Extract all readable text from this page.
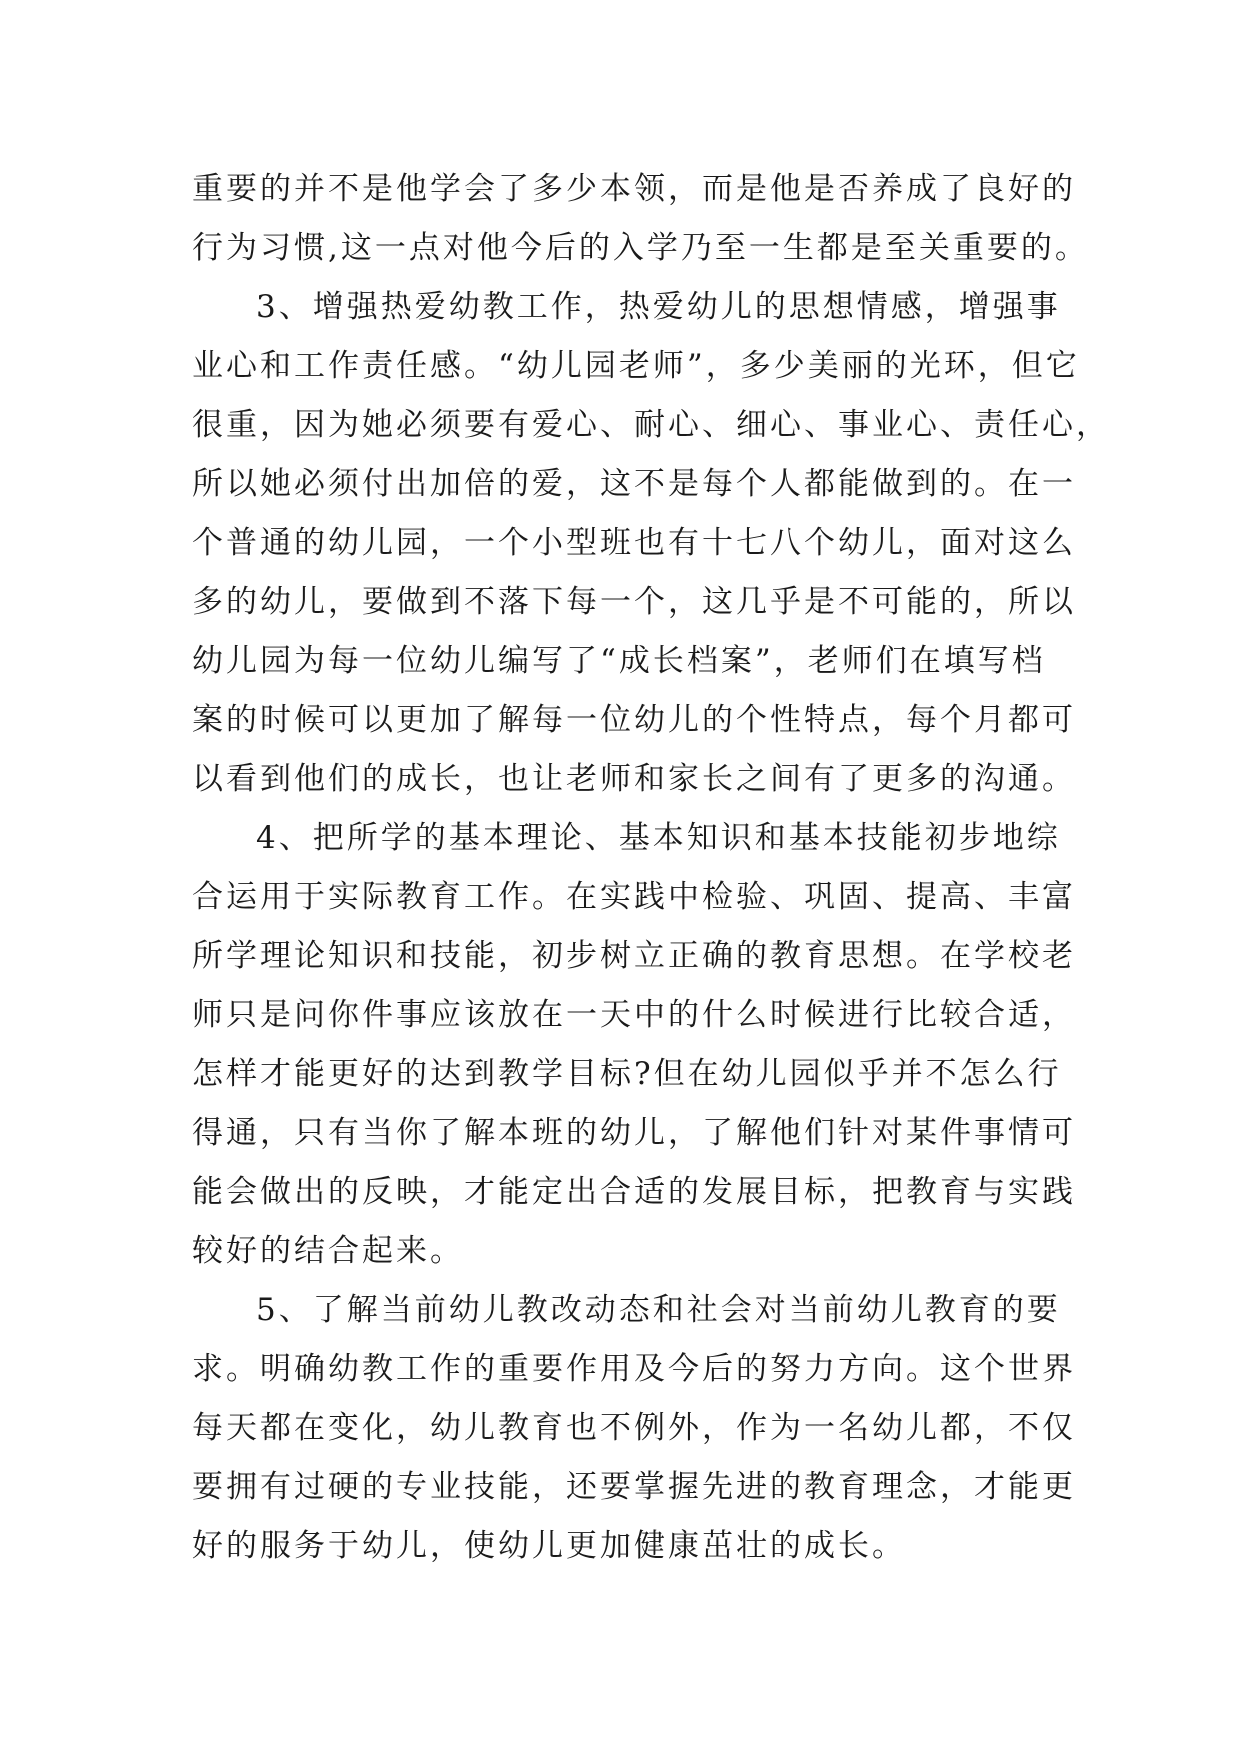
重要的并不是他学会了多少本领，而是他是否养成了良好的
行为习惯,这一点对他今后的入学乃至一生都是至关重要的。
3、增强热爱幼教工作，热爱幼儿的思想情感，增强事
业心和工作责任感。“幼儿园老师”，多少美丽的光环，但它
很重，因为她必须要有爱心、耐心、细心、事业心、责任心，
所以她必须付出加倍的爱，这不是每个人都能做到的。在一
个普通的幼儿园，一个小型班也有十七八个幼儿，面对这么
多的幼儿，要做到不落下每一个，这几乎是不可能的，所以
幼儿园为每一位幼儿编写了“成长档案”，老师们在填写档
案的时候可以更加了解每一位幼儿的个性特点，每个月都可
以看到他们的成长，也让老师和家长之间有了更多的沟通。
4、把所学的基本理论、基本知识和基本技能初步地综
合运用于实际教育工作。在实践中检验、巩固、提高、丰富
所学理论知识和技能，初步树立正确的教育思想。在学校老
师只是问你件事应该放在一天中的什么时候进行比较合适，
怎样才能更好的达到教学目标?但在幼儿园似乎并不怎么行
得通，只有当你了解本班的幼儿，了解他们针对某件事情可
能会做出的反映，才能定出合适的发展目标，把教育与实践
较好的结合起来。
5、了解当前幼儿教改动态和社会对当前幼儿教育的要
求。明确幼教工作的重要作用及今后的努力方向。这个世界
每天都在变化，幼儿教育也不例外，作为一名幼儿都，不仅
要拥有过硬的专业技能，还要掌握先进的教育理念，才能更
好的服务于幼儿，使幼儿更加健康茁壮的成长。
